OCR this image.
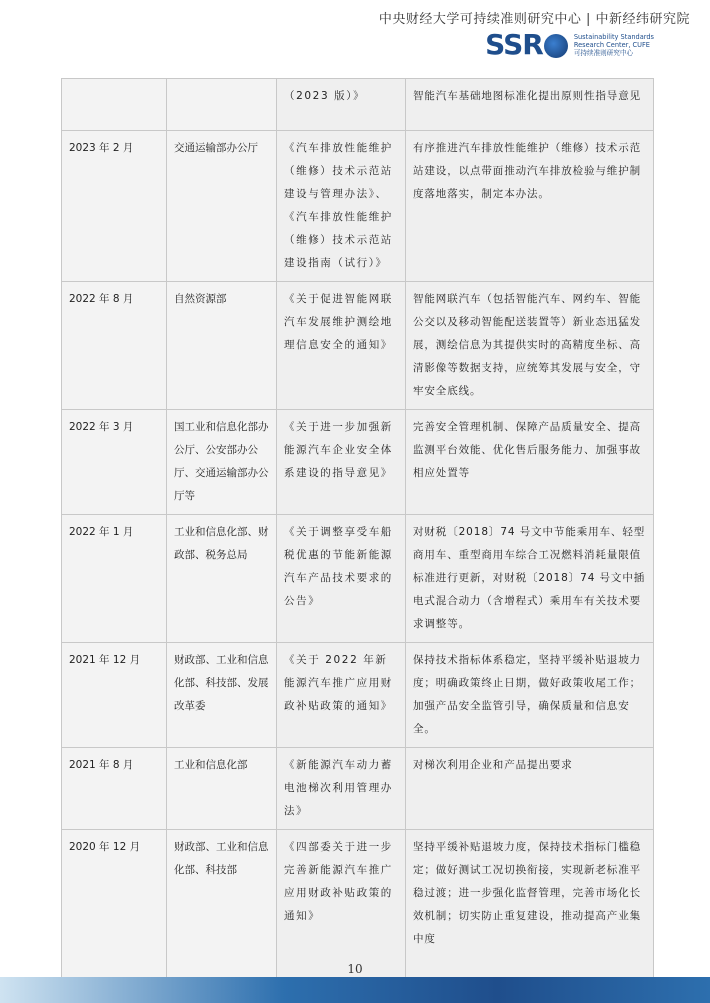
中央财经大学可持续准则研究中心 | 中新经纬研究院
SSR	Sustainability Standards
Research Center, CUFE
可持续准则研究中心
		（2023 版）》	智能汽车基础地图标准化提出原则性指导意见
2023 年 2 月	交通运输部办公厅	《汽车排放性能维护（维修）技术示范站建设与管理办法》、《汽车排放性能维护（维修）技术示范站建设指南（试行）》	有序推进汽车排放性能维护（维修）技术示范站建设，以点带面推动汽车排放检验与维护制度落地落实，制定本办法。
2022 年 8 月	自然资源部	《关于促进智能网联汽车发展维护测绘地理信息安全的通知》	智能网联汽车（包括智能汽车、网约车、智能公交以及移动智能配送装置等）新业态迅猛发展，测绘信息为其提供实时的高精度坐标、高清影像等数据支持，应统筹其发展与安全，守牢安全底线。
2022 年 3 月	国工业和信息化部办公厅、公安部办公厅、交通运输部办公厅等	《关于进一步加强新能源汽车企业安全体系建设的指导意见》	完善安全管理机制、保障产品质量安全、提高监测平台效能、优化售后服务能力、加强事故相应处置等
2022 年 1 月	工业和信息化部、财政部、税务总局	《关于调整享受车船税优惠的节能新能源汽车产品技术要求的公告》	对财税〔2018〕74 号文中节能乘用车、轻型商用车、重型商用车综合工况燃料消耗量限值标准进行更新，对财税〔2018〕74 号文中插电式混合动力（含增程式）乘用车有关技术要求调整等。
2021 年 12 月	财政部、工业和信息化部、科技部、发展改革委	《关于 2022 年新能源汽车推广应用财政补贴政策的通知》	保持技术指标体系稳定，坚持平缓补贴退坡力度；明确政策终止日期，做好政策收尾工作；加强产品安全监管引导，确保质量和信息安全。
2021 年 8 月	工业和信息化部	《新能源汽车动力蓄电池梯次利用管理办法》	对梯次利用企业和产品提出要求
2020 年 12 月	财政部、工业和信息化部、科技部	《四部委关于进一步完善新能源汽车推广应用财政补贴政策的通知》	坚持平缓补贴退坡力度，保持技术指标门槛稳定；做好测试工况切换衔接，实现新老标准平稳过渡；进一步强化监督管理，完善市场化长效机制；切实防止重复建设，推动提高产业集中度
10
